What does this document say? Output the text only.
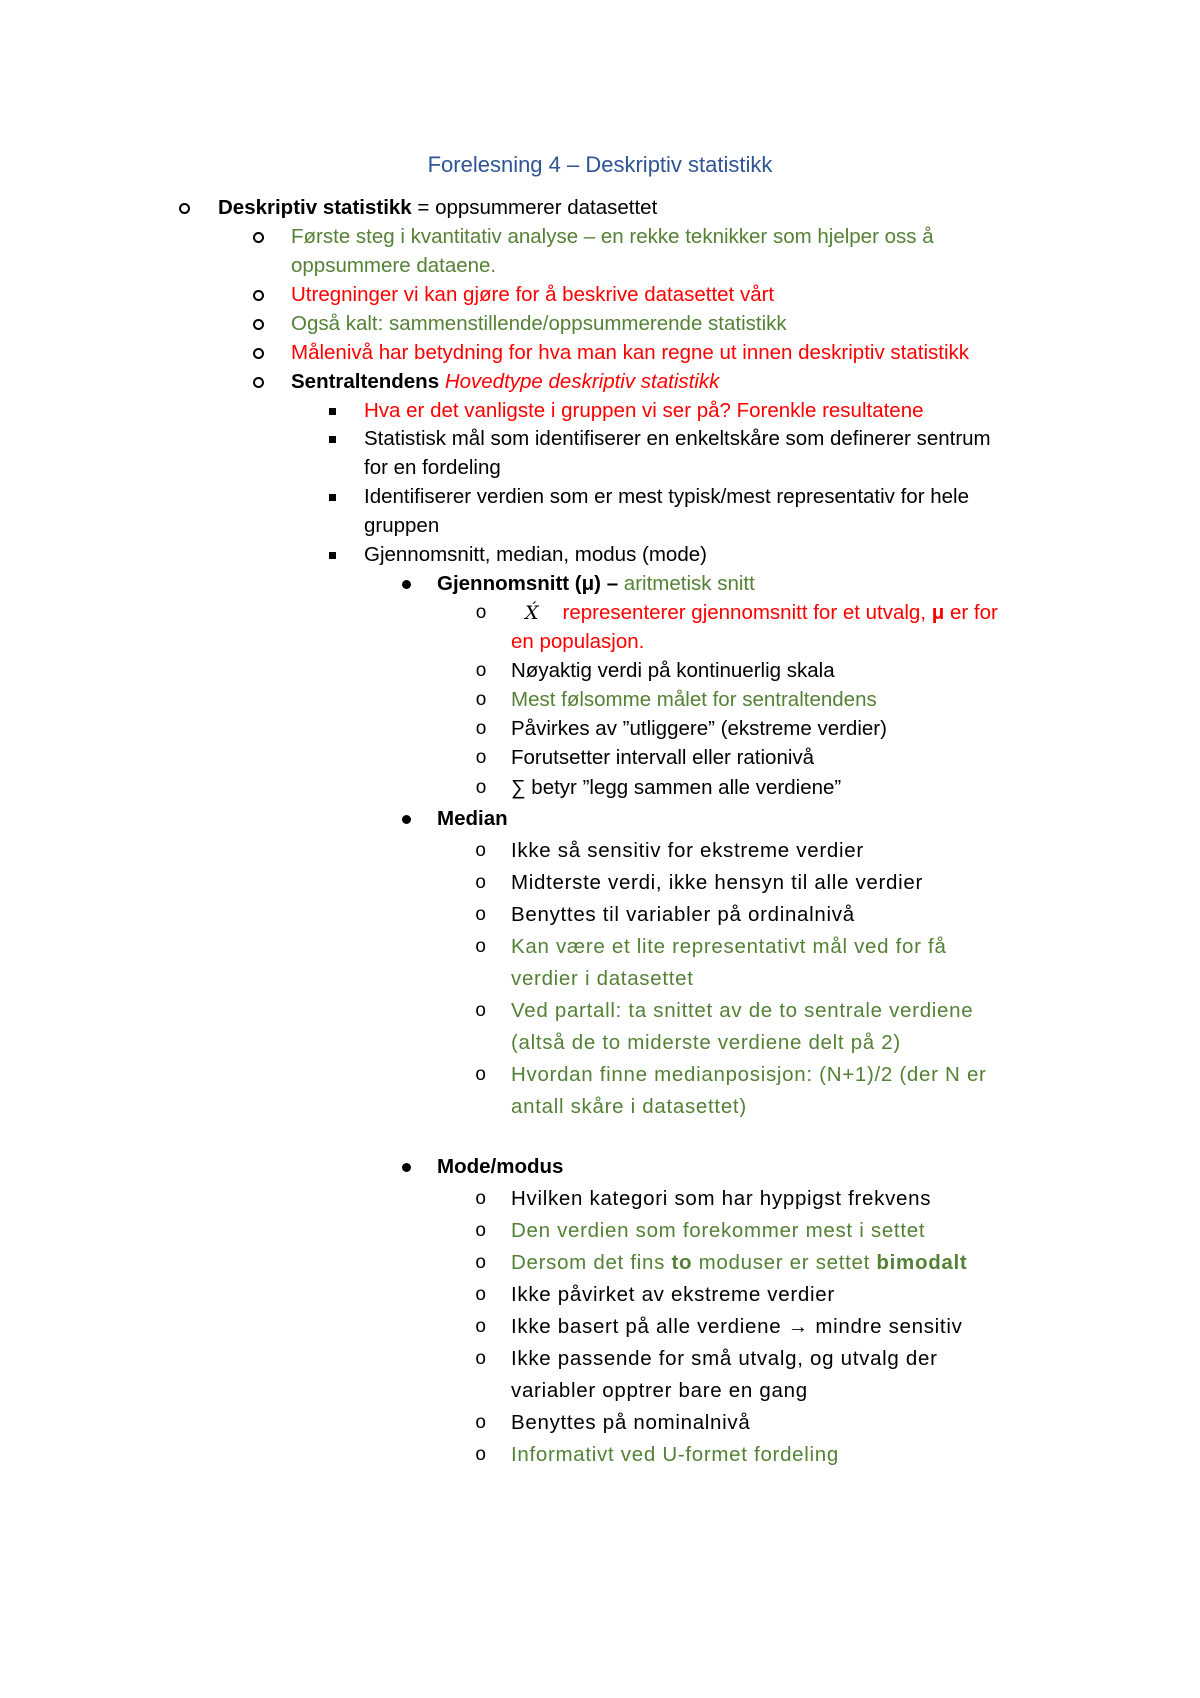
Forelesning 4 – Deskriptiv statistikk
Deskriptiv statistikk = oppsummerer datasettet
Første steg i kvantitativ analyse – en rekke teknikker som hjelper oss å
oppsummere dataene.
Utregninger vi kan gjøre for å beskrive datasettet vårt
Også kalt: sammenstillende/oppsummerende statistikk
Målenivå har betydning for hva man kan regne ut innen deskriptiv statistikk
Sentraltendens Hovedtype deskriptiv statistikk
Hva er det vanligste i gruppen vi ser på? Forenkle resultatene
Statistisk mål som identifiserer en enkeltskåre som definerer sentrum
for en fordeling
Identifiserer verdien som er mest typisk/mest representativ for hele
gruppen
Gjennomsnitt, median, modus (mode)
Gjennomsnitt (μ) – aritmetisk snitt
o	X́ representerer gjennomsnitt for et utvalg, μ er for
en populasjon.
o Nøyaktig verdi på kontinuerlig skala
o Mest følsomme målet for sentraltendens
o Påvirkes av ”utliggere” (ekstreme verdier)
o Forutsetter intervall eller rationivå
o ∑ betyr ”legg sammen alle verdiene”
Median
o Ikke så sensitiv for ekstreme verdier
o Midterste verdi, ikke hensyn til alle verdier
o Benyttes til variabler på ordinalnivå
o Kan være et lite representativt mål ved for få
verdier i datasettet
o Ved partall: ta snittet av de to sentrale verdiene
(altså de to miderste verdiene delt på 2)
o Hvordan finne medianposisjon: (N+1)/2 (der N er
antall skåre i datasettet)
Mode/modus
o Hvilken kategori som har hyppigst frekvens
o Den verdien som forekommer mest i settet
o Dersom det fins to moduser er settet bimodalt
o Ikke påvirket av ekstreme verdier
o Ikke basert på alle verdiene → mindre sensitiv
o Ikke passende for små utvalg, og utvalg der
variabler opptrer bare en gang
o Benyttes på nominalnivå
o Informativt ved U-formet fordeling
